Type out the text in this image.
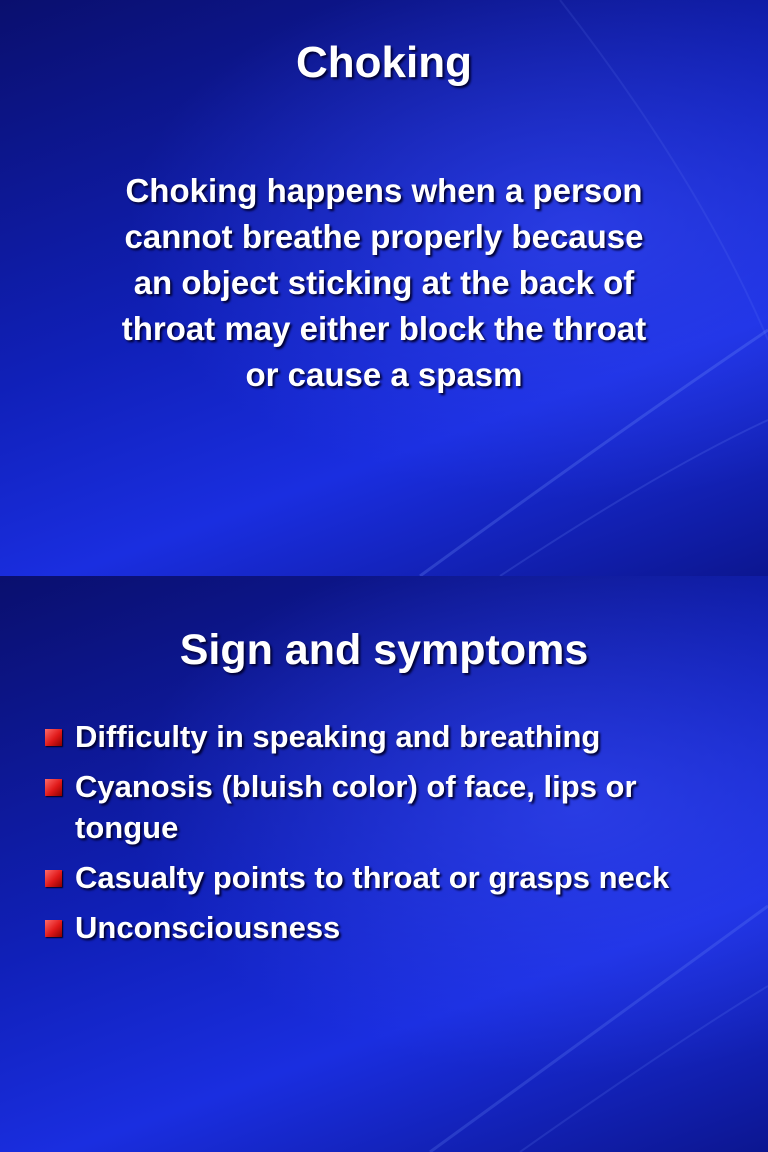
Choking
Choking happens when a person cannot breathe properly because an object sticking at the back of throat may either block the throat or cause a spasm
Sign and symptoms
Difficulty in speaking and breathing
Cyanosis (bluish color) of face, lips or tongue
Casualty points to throat or grasps neck
Unconsciousness
